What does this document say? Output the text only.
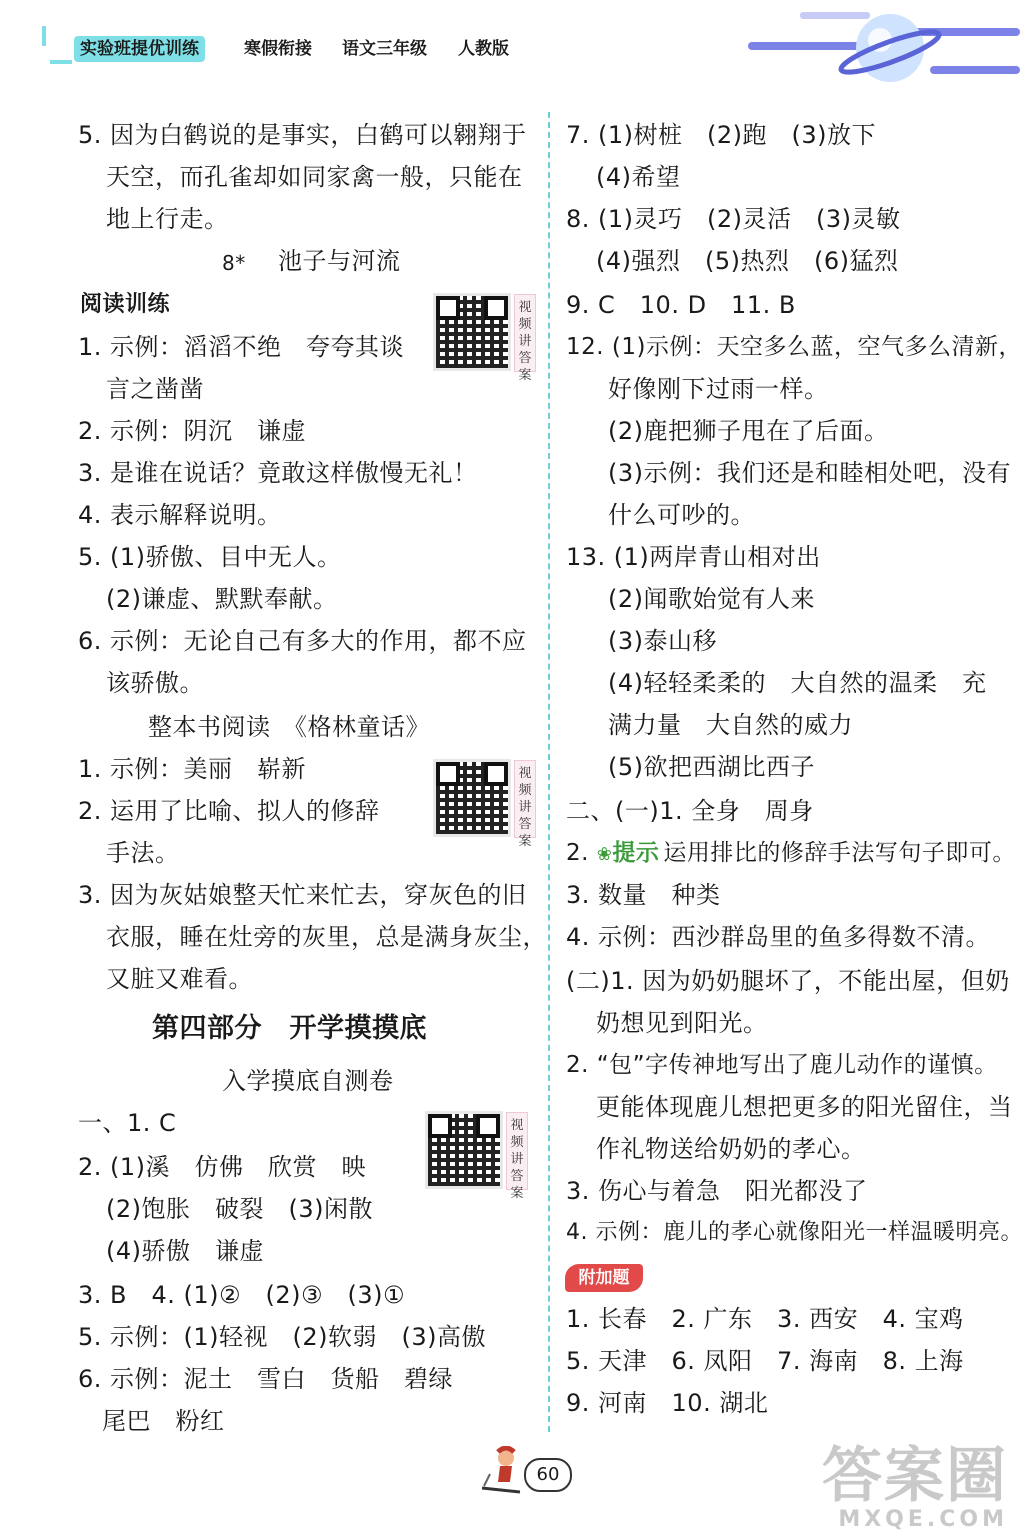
实验班提优训练	寒假衔接 语文三年级 人教版
5. 因为白鹤说的是事实，白鹤可以翱翔于
天空，而孔雀却如同家禽一般，只能在
地上行走。
8* 池子与河流
阅读训练	视频讲答案
1. 示例：滔滔不绝　夸夸其谈
言之凿凿
2. 示例：阴沉　谦虚
3. 是谁在说话？竟敢这样傲慢无礼！
4. 表示解释说明。
5. (1)骄傲、目中无人。
(2)谦虚、默默奉献。
6. 示例：无论自己有多大的作用，都不应
该骄傲。
整本书阅读　《格林童话》
视频讲答案
1. 示例：美丽　崭新
2. 运用了比喻、拟人的修辞
手法。
3. 因为灰姑娘整天忙来忙去，穿灰色的旧
衣服，睡在灶旁的灰里，总是满身灰尘，
又脏又难看。
第四部分　开学摸摸底
入学摸底自测卷
视频讲答案
一、1. C
2. (1)溪　仿佛　欣赏　映
(2)饱胀　破裂　(3)闲散
(4)骄傲　谦虚
3. B　4. (1)②　(2)③　(3)①
5. 示例：(1)轻视　(2)软弱　(3)高傲
6. 示例：泥土　雪白　货船　碧绿
尾巴　粉红
7. (1)树桩　(2)跑　(3)放下
(4)希望
8. (1)灵巧　(2)灵活　(3)灵敏
(4)强烈　(5)热烈　(6)猛烈
9. C　10. D　11. B
12. (1)示例：天空多么蓝，空气多么清新，
好像刚下过雨一样。
(2)鹿把狮子甩在了后面。
(3)示例：我们还是和睦相处吧，没有
什么可吵的。
13. (1)两岸青山相对出
(2)闻歌始觉有人来
(3)泰山移
(4)轻轻柔柔的　大自然的温柔　充
满力量　大自然的威力
(5)欲把西湖比西子
二、(一)1. 全身　周身
2. ❀提示 运用排比的修辞手法写句子即可。
3. 数量　种类
4. 示例：西沙群岛里的鱼多得数不清。
(二)1. 因为奶奶腿坏了，不能出屋，但奶
奶想见到阳光。
2. “包”字传神地写出了鹿儿动作的谨慎。
更能体现鹿儿想把更多的阳光留住，当
作礼物送给奶奶的孝心。
3. 伤心与着急　阳光都没了
4. 示例：鹿儿的孝心就像阳光一样温暖明亮。
附加题
1. 长春　2. 广东　3. 西安　4. 宝鸡
5. 天津　6. 凤阳　7. 海南　8. 上海
9. 河南　10. 湖北
60	答案圈
MXQE.COM
